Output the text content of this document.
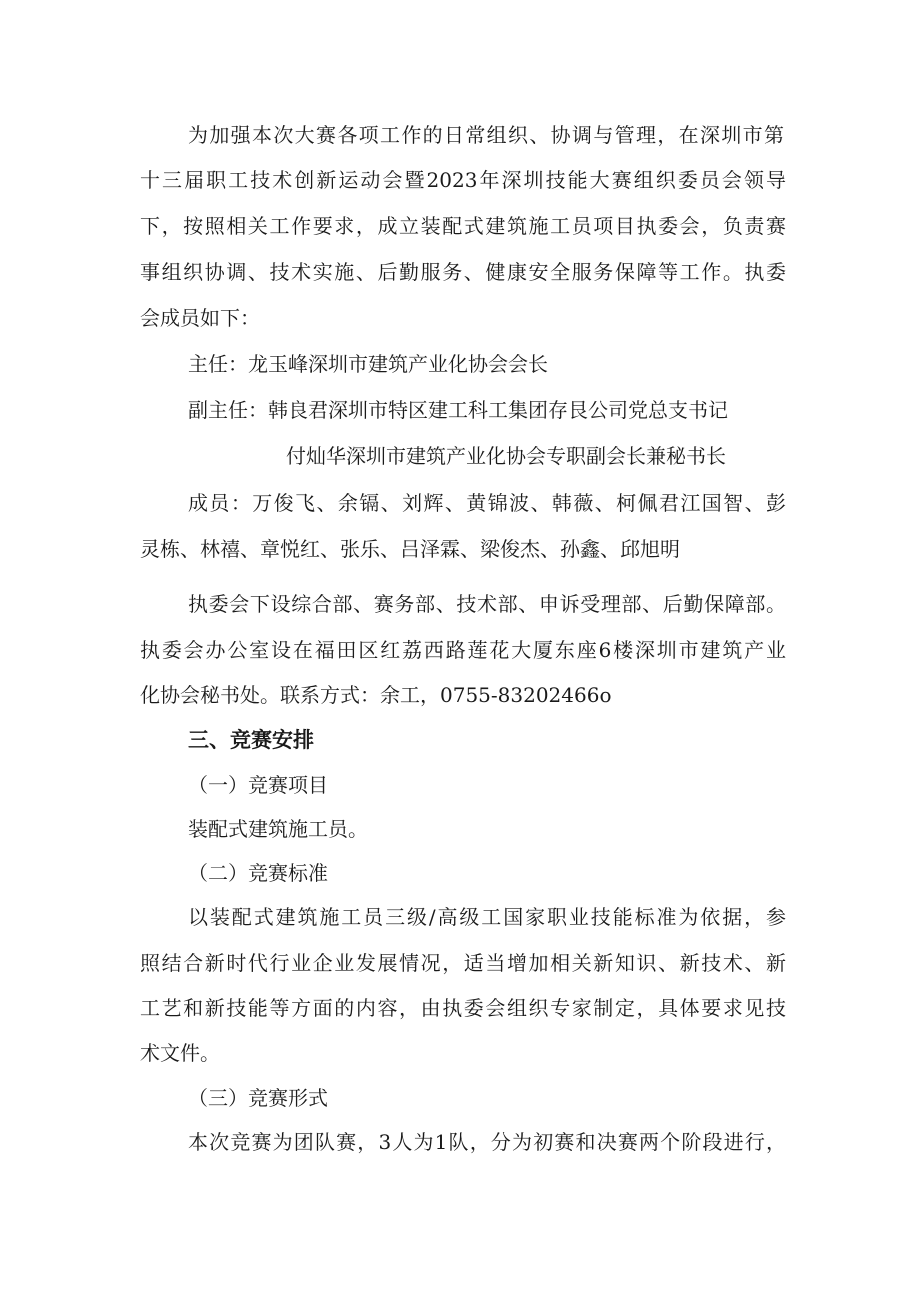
为加强本次大赛各项工作的日常组织、协调与管理，在深圳市第
十三届职工技术创新运动会暨2023年深圳技能大赛组织委员会领导
下，按照相关工作要求，成立装配式建筑施工员项目执委会，负责赛
事组织协调、技术实施、后勤服务、健康安全服务保障等工作。执委
会成员如下：
主任：龙玉峰深圳市建筑产业化协会会长
副主任：韩良君深圳市特区建工科工集团存艮公司党总支书记
付灿华深圳市建筑产业化协会专职副会长兼秘书长
成员：万俊飞、余镉、刘辉、黄锦波、韩薇、柯佩君江国智、彭
灵栋、林禧、章悦红、张乐、吕泽霖、梁俊杰、孙鑫、邱旭明
执委会下设综合部、赛务部、技术部、申诉受理部、后勤保障部。
执委会办公室设在福田区红荔西路莲花大厦东座6楼深圳市建筑产业
化协会秘书处。联系方式：余工，0755-83202466o
三、竞赛安排
（一）竞赛项目
装配式建筑施工员。
（二）竞赛标准
以装配式建筑施工员三级/高级工国家职业技能标准为依据，参
照结合新时代行业企业发展情况，适当增加相关新知识、新技术、新
工艺和新技能等方面的内容，由执委会组织专家制定，具体要求见技
术文件。
（三）竞赛形式
本次竞赛为团队赛，3人为1队，分为初赛和决赛两个阶段进行，
